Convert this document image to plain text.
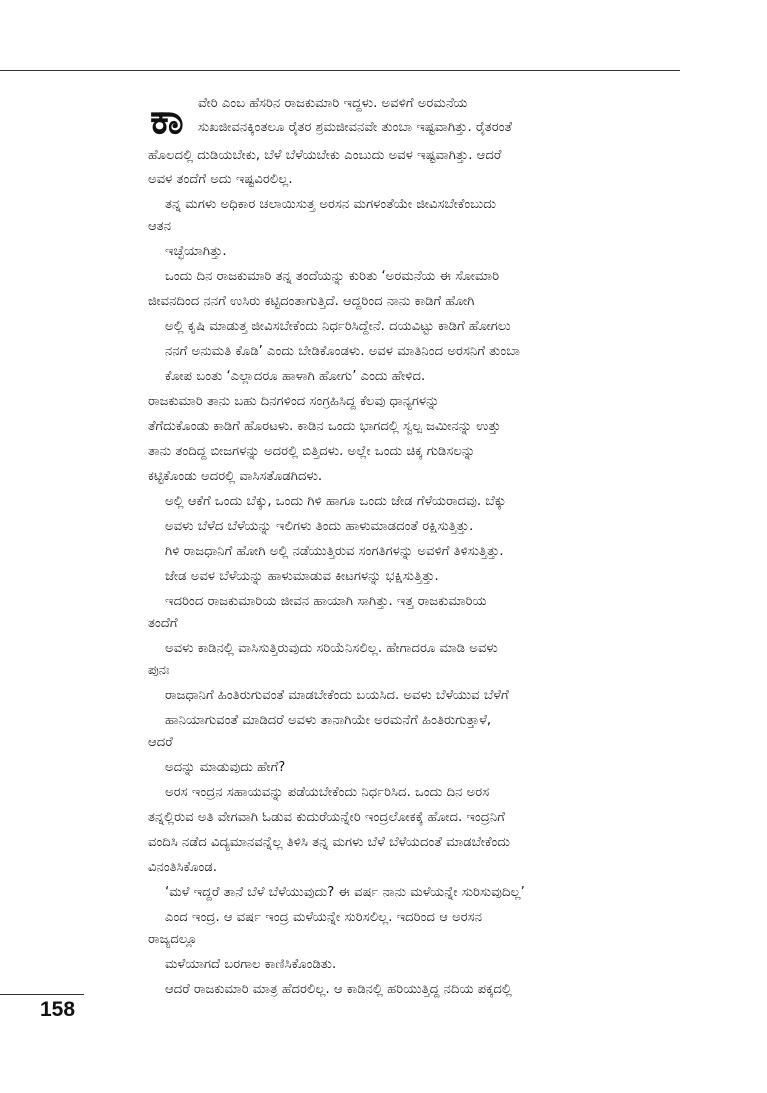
ಕಾ ವೇರಿ ಎಂಬ ಹೆಸರಿನ ರಾಜಕುಮಾರಿ ಇದ್ದಳು. ಅವಳಿಗೆ ಅರಮನೆಯ
ಸುಖಜೀವನಕ್ಕಿಂತಲೂ ರೈತರ ಶ್ರಮಜೀವನವೇ ತುಂಬಾ ಇಷ್ಟವಾಗಿತ್ತು. ರೈತರಂತೆ
ಹೊಲದಲ್ಲಿ ದುಡಿಯಬೇಕು, ಬೆಳೆ ಬೆಳೆಯಬೇಕು ಎಂಬುದು ಅವಳ ಇಷ್ಟವಾಗಿತ್ತು. ಆದರೆ
ಅವಳ ತಂದೆಗೆ ಅದು ಇಷ್ಟವಿರಲಿಲ್ಲ.
ತನ್ನ ಮಗಳು ಅಧಿಕಾರ ಚಲಾಯಿಸುತ್ತ ಅರಸನ ಮಗಳಂತೆಯೇ ಜೀವಿಸಬೇಕೆಂಬುದು
ಆತನ
ಇಚ್ಛೆಯಾಗಿತ್ತು.
ಒಂದು ದಿನ ರಾಜಕುಮಾರಿ ತನ್ನ ತಂದೆಯನ್ನು ಕುರಿತು ‘ಅರಮನೆಯ ಈ ಸೋಮಾರಿ
ಜೀವನದಿಂದ ನನಗೆ ಉಸಿರು ಕಟ್ಟಿದಂತಾಗುತ್ತಿದೆ. ಆದ್ದರಿಂದ ನಾನು ಕಾಡಿಗೆ ಹೋಗಿ
ಅಲ್ಲಿ ಕೃಷಿ ಮಾಡುತ್ತ ಜೀವಿಸಬೇಕೆಂದು ನಿರ್ಧರಿಸಿದ್ದೇನೆ. ದಯವಿಟ್ಟು ಕಾಡಿಗೆ ಹೋಗಲು
ನನಗೆ ಅನುಮತಿ ಕೊಡಿ’ ಎಂದು ಬೇಡಿಕೊಂಡಳು. ಅವಳ ಮಾತಿನಿಂದ ಅರಸನಿಗೆ ತುಂಬಾ
ಕೋಪ ಬಂತು ‘ಎಲ್ಲಾದರೂ ಹಾಳಾಗಿ ಹೋಗು’ ಎಂದು ಹೇಳಿದ.
ರಾಜಕುಮಾರಿ ತಾನು ಬಹು ದಿನಗಳಿಂದ ಸಂಗ್ರಹಿಸಿದ್ದ ಕೆಲವು ಧಾನ್ಯಗಳನ್ನು
ತೆಗೆದುಕೊಂಡು ಕಾಡಿಗೆ ಹೊರಟಳು. ಕಾಡಿನ ಒಂದು ಭಾಗದಲ್ಲಿ ಸ್ವಲ್ಪ ಜಮೀನನ್ನು ಉತ್ತು
ತಾನು ತಂದಿದ್ದ ಬೀಜಗಳನ್ನು ಅದರಲ್ಲಿ ಬಿತ್ತಿದಳು. ಅಲ್ಲೇ ಒಂದು ಚಿಕ್ಕ ಗುಡಿಸಲನ್ನು
ಕಟ್ಟಿಕೊಂಡು ಅದರಲ್ಲಿ ವಾಸಿಸತೊಡಗಿದಳು.
ಅಲ್ಲಿ ಆಕೆಗೆ ಒಂದು ಬೆಕ್ಕು, ಒಂದು ಗಿಳಿ ಹಾಗೂ ಒಂದು ಜೇಡ ಗೆಳೆಯರಾದವು. ಬೆಕ್ಕು
ಅವಳು ಬೆಳೆದ ಬೆಳೆಯನ್ನು ಇಲಿಗಳು ತಿಂದು ಹಾಳುಮಾಡದಂತೆ ರಕ್ಷಿಸುತ್ತಿತ್ತು.
ಗಿಳಿ ರಾಜಧಾನಿಗೆ ಹೋಗಿ ಅಲ್ಲಿ ನಡೆಯುತ್ತಿರುವ ಸಂಗತಿಗಳನ್ನು ಅವಳಿಗೆ ತಿಳಿಸುತ್ತಿತ್ತು.
ಜೇಡ ಅವಳ ಬೆಳೆಯನ್ನು ಹಾಳುಮಾಡುವ ಕೀಟಗಳನ್ನು ಭಕ್ಷಿಸುತ್ತಿತ್ತು.
ಇದರಿಂದ ರಾಜಕುಮಾರಿಯ ಜೀವನ ಹಾಯಾಗಿ ಸಾಗಿತ್ತು. ಇತ್ತ ರಾಜಕುಮಾರಿಯ
ತಂದೆಗೆ
ಅವಳು ಕಾಡಿನಲ್ಲಿ ವಾಸಿಸುತ್ತಿರುವುದು ಸರಿಯೆನಿಸಲಿಲ್ಲ. ಹೇಗಾದರೂ ಮಾಡಿ ಅವಳು
ಪುನಃ
ರಾಜಧಾನಿಗೆ ಹಿಂತಿರುಗುವಂತೆ ಮಾಡಬೇಕೆಂದು ಬಯಸಿದ. ಅವಳು ಬೆಳೆಯುವ ಬೆಳೆಗೆ
ಹಾನಿಯಾಗುವಂತೆ ಮಾಡಿದರೆ ಅವಳು ತಾನಾಗಿಯೇ ಅರಮನೆಗೆ ಹಿಂತಿರುಗುತ್ತಾಳೆ,
ಆದರೆ
ಅದನ್ನು ಮಾಡುವುದು ಹೇಗೆ?
ಅರಸ ಇಂದ್ರನ ಸಹಾಯವನ್ನು ಪಡೆಯಬೇಕೆಂದು ನಿರ್ಧರಿಸಿದ. ಒಂದು ದಿನ ಅರಸ
ತನ್ನಲ್ಲಿರುವ ಅತಿ ವೇಗವಾಗಿ ಓಡುವ ಕುದುರೆಯನ್ನೇರಿ ಇಂದ್ರಲೋಕಕ್ಕೆ ಹೋದ. ಇಂದ್ರನಿಗೆ
ವಂದಿಸಿ ನಡೆದ ವಿದ್ಯಮಾನವನ್ನೆಲ್ಲ ತಿಳಿಸಿ ತನ್ನ ಮಗಳು ಬೆಳೆ ಬೆಳೆಯದಂತೆ ಮಾಡಬೇಕೆಂದು
ವಿನಂತಿಸಿಕೊಂಡ.
‘ಮಳೆ ಇದ್ದರೆ ತಾನೆ ಬೆಳೆ ಬೆಳೆಯುವುದು? ಈ ವರ್ಷ ನಾನು ಮಳೆಯನ್ನೇ ಸುರಿಸುವುದಿಲ್ಲ’
ಎಂದ ಇಂದ್ರ. ಆ ವರ್ಷ ಇಂದ್ರ ಮಳೆಯನ್ನೇ ಸುರಿಸಲಿಲ್ಲ. ಇದರಿಂದ ಆ ಅರಸನ
ರಾಜ್ಯದಲ್ಲೂ
ಮಳೆಯಾಗದೆ ಬರಗಾಲ ಕಾಣಿಸಿಕೊಂಡಿತು.
ಆದರೆ ರಾಜಕುಮಾರಿ ಮಾತ್ರ ಹೆದರಲಿಲ್ಲ. ಆ ಕಾಡಿನಲ್ಲಿ ಹರಿಯುತ್ತಿದ್ದ ನದಿಯ ಪಕ್ಕದಲ್ಲಿ
158
